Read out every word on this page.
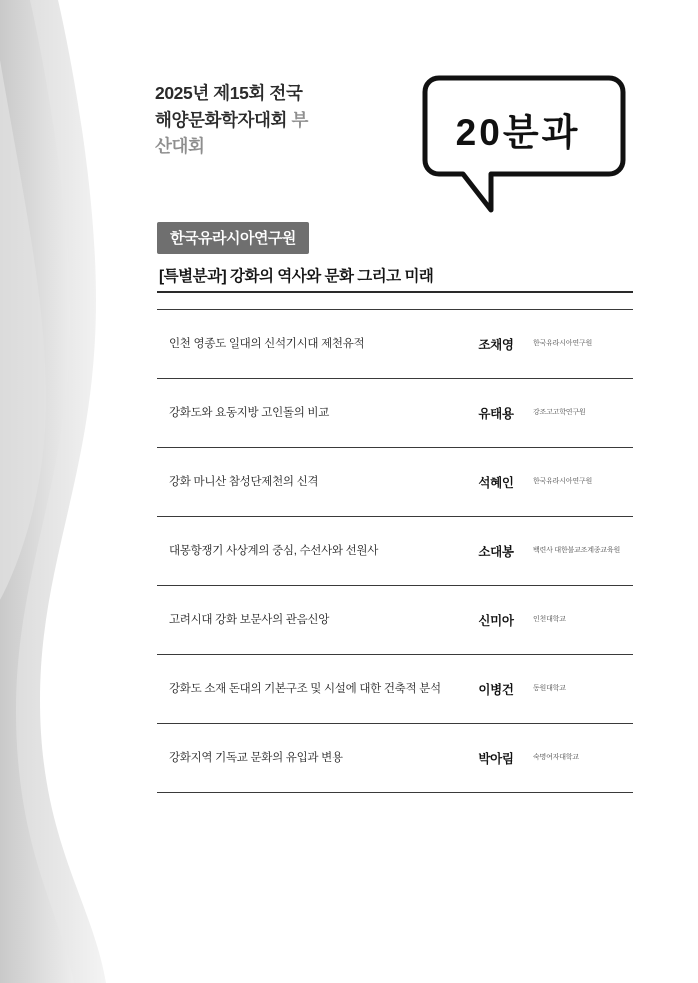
2025년 제15회 전국
해양문화학자대회 부
산대회	20분과
한국유라시아연구원
[특별분과] 강화의 역사와 문화 그리고 미래
인천 영종도 일대의 신석기시대 제천유적	조채영	한국유라시아연구원
강화도와 요동지방 고인돌의 비교	유태용	강조고고학연구원
강화 마니산 참성단제천의 신격	석혜인	한국유라시아연구원
대몽항쟁기 사상계의 중심, 수선사와 선원사	소대봉	백련사 대한불교조계종교육원
고려시대 강화 보문사의 관음신앙	신미아	인천대학교
강화도 소재 돈대의 기본구조 및 시설에 대한 건축적 분석	이병건	동원대학교
강화지역 기독교 문화의 유입과 변용	박아림	숙명여자대학교
